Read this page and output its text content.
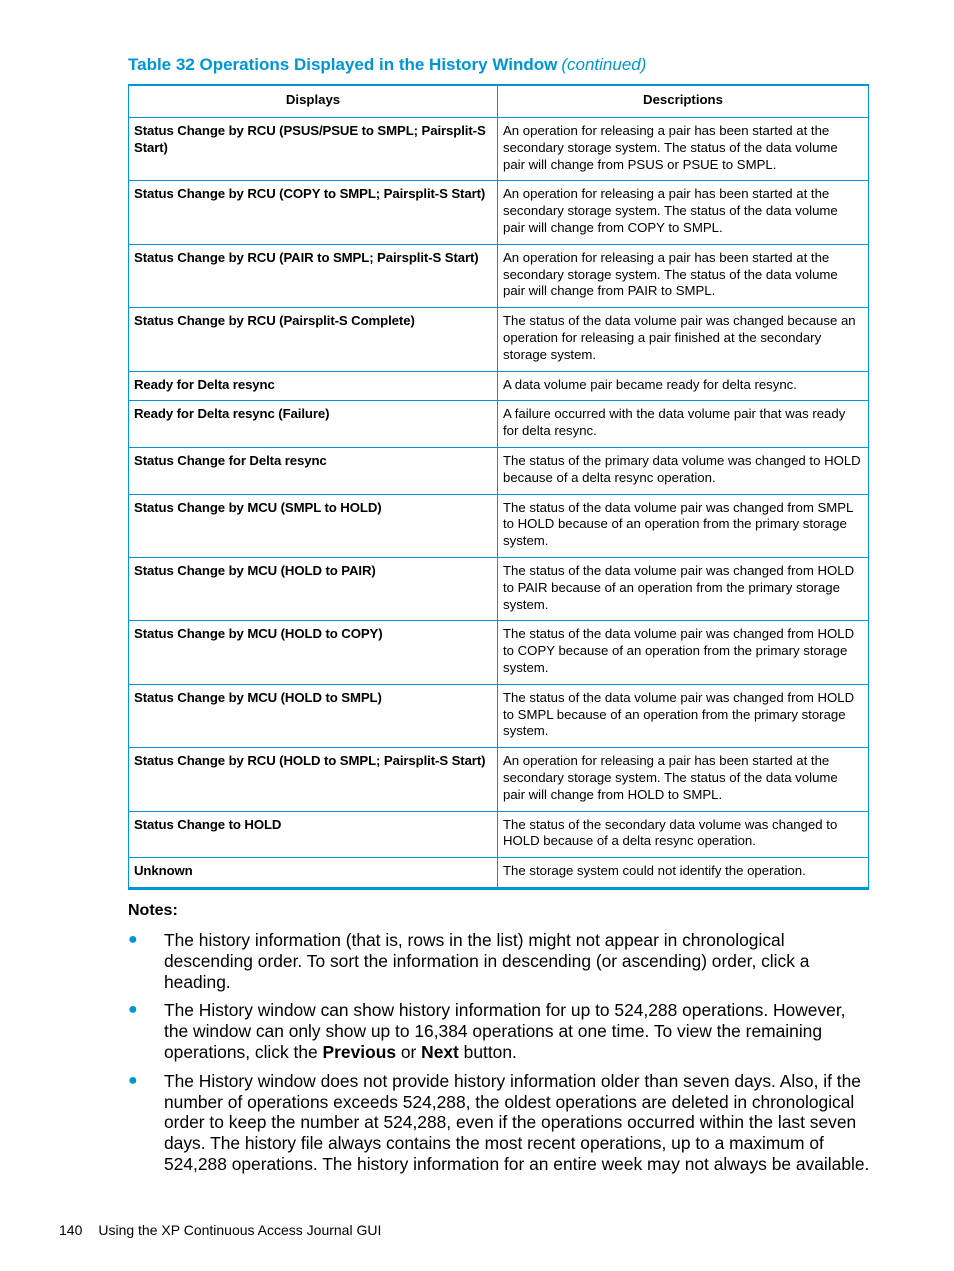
Table 32 Operations Displayed in the History Window (continued)
Displays	Descriptions
Status Change by RCU (PSUS/PSUE to SMPL; Pairsplit-S Start)	An operation for releasing a pair has been started at the secondary storage system. The status of the data volume pair will change from PSUS or PSUE to SMPL.
Status Change by RCU (COPY to SMPL; Pairsplit-S Start)	An operation for releasing a pair has been started at the secondary storage system. The status of the data volume pair will change from COPY to SMPL.
Status Change by RCU (PAIR to SMPL; Pairsplit-S Start)	An operation for releasing a pair has been started at the secondary storage system. The status of the data volume pair will change from PAIR to SMPL.
Status Change by RCU (Pairsplit-S Complete)	The status of the data volume pair was changed because an operation for releasing a pair finished at the secondary storage system.
Ready for Delta resync	A data volume pair became ready for delta resync.
Ready for Delta resync (Failure)	A failure occurred with the data volume pair that was ready for delta resync.
Status Change for Delta resync	The status of the primary data volume was changed to HOLD because of a delta resync operation.
Status Change by MCU (SMPL to HOLD)	The status of the data volume pair was changed from SMPL to HOLD because of an operation from the primary storage system.
Status Change by MCU (HOLD to PAIR)	The status of the data volume pair was changed from HOLD to PAIR because of an operation from the primary storage system.
Status Change by MCU (HOLD to COPY)	The status of the data volume pair was changed from HOLD to COPY because of an operation from the primary storage system.
Status Change by MCU (HOLD to SMPL)	The status of the data volume pair was changed from HOLD to SMPL because of an operation from the primary storage system.
Status Change by RCU (HOLD to SMPL; Pairsplit-S Start)	An operation for releasing a pair has been started at the secondary storage system. The status of the data volume pair will change from HOLD to SMPL.
Status Change to HOLD	The status of the secondary data volume was changed to HOLD because of a delta resync operation.
Unknown	The storage system could not identify the operation.
Notes:
● The history information (that is, rows in the list) might not appear in chronological descending order. To sort the information in descending (or ascending) order, click a heading.
● The History window can show history information for up to 524,288 operations. However, the window can only show up to 16,384 operations at one time. To view the remaining operations, click the Previous or Next button.
● The History window does not provide history information older than seven days. Also, if the number of operations exceeds 524,288, the oldest operations are deleted in chronological order to keep the number at 524,288, even if the operations occurred within the last seven days. The history file always contains the most recent operations, up to a maximum of 524,288 operations. The history information for an entire week may not always be available.
140 Using the XP Continuous Access Journal GUI
